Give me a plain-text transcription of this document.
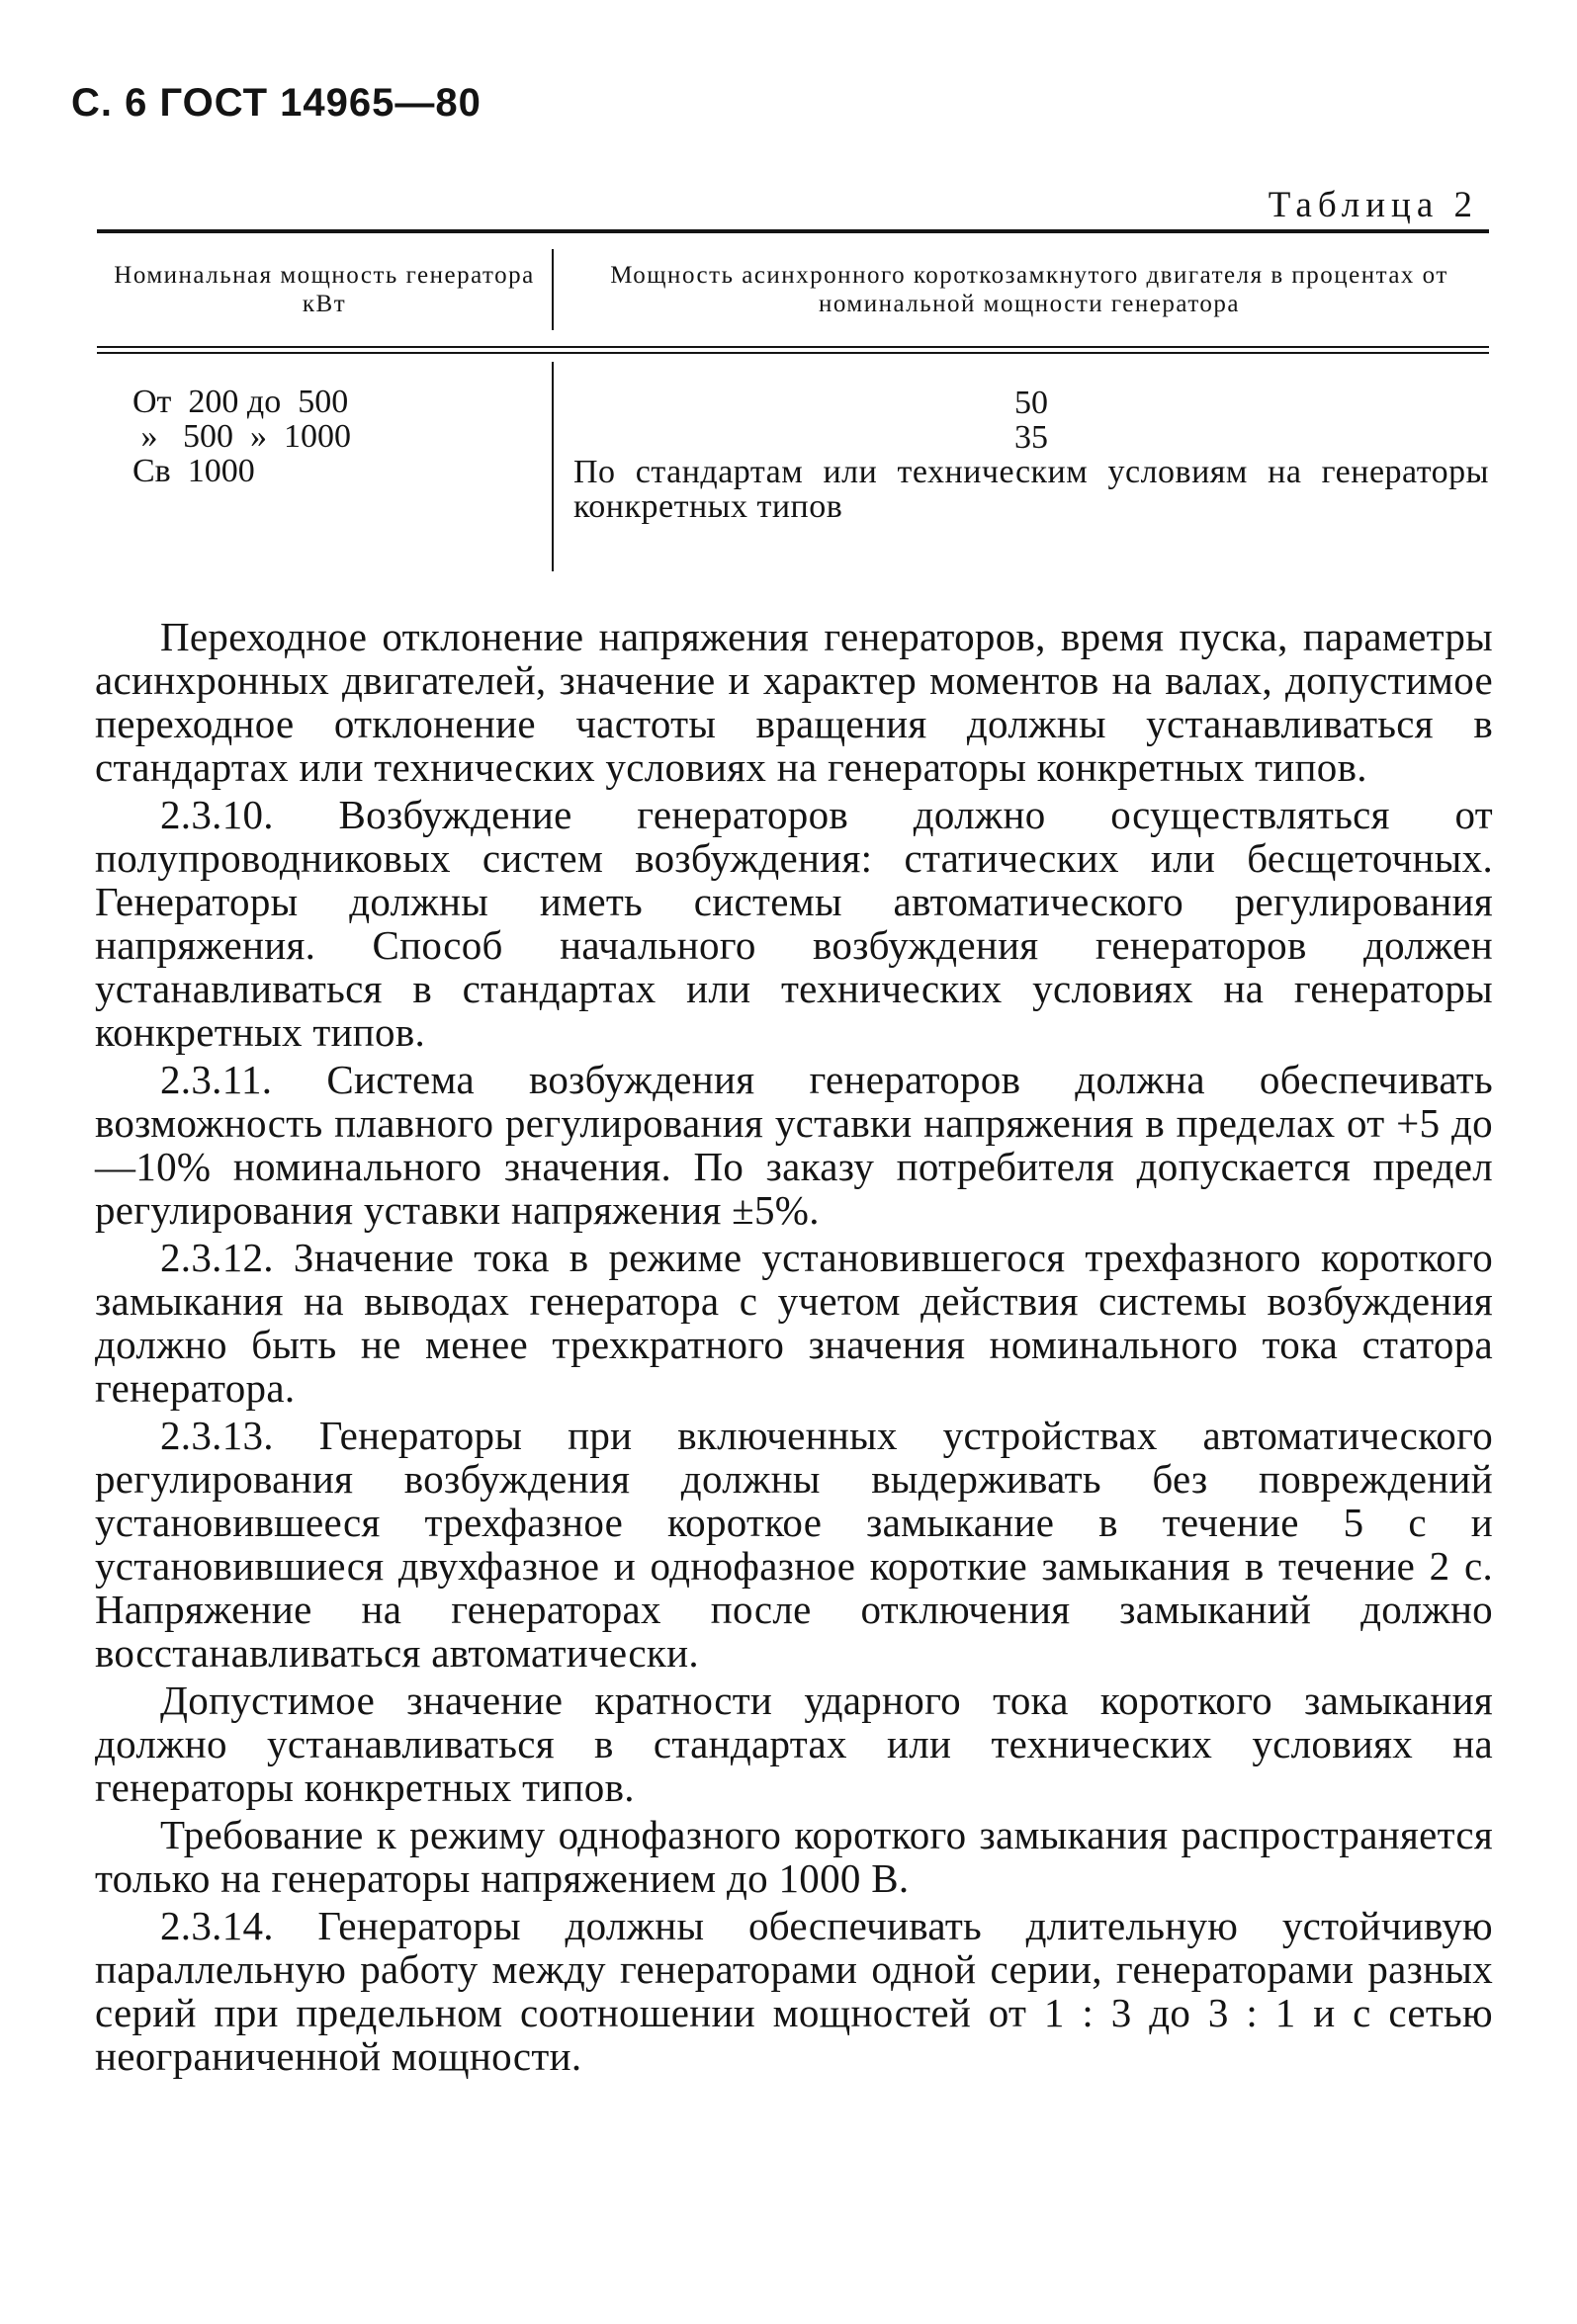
С. 6 ГОСТ 14965—80
Таблица 2
Номинальная мощность генератора кВт
Мощность асинхронного короткозамкнутого двигателя в процентах от номинальной мощности генератора
От  200 до  500
»   500  »  1000
Св  1000
50
35
По стандартам или техническим условиям на генераторы конкретных типов

Переходное отклонение напряжения генераторов, время пуска, параметры асинхронных двигателей, значение и характер моментов на валах, допустимое переходное отклонение частоты вращения должны устанавливаться в стандартах или технических условиях на генераторы конкретных типов.

2.3.10. Возбуждение генераторов должно осуществляться от полупроводниковых систем возбуждения: статических или бесщеточных. Генераторы должны иметь системы автоматического регулирования напряжения. Способ начального возбуждения генераторов должен устанавливаться в стандартах или технических условиях на генераторы конкретных типов.

2.3.11. Система возбуждения генераторов должна обеспечивать возможность плавного регулирования уставки напряжения в пределах от +5 до —10% номинального значения. По заказу потребителя допускается предел регулирования уставки напряжения ±5%.

2.3.12. Значение тока в режиме установившегося трехфазного короткого замыкания на выводах генератора с учетом действия системы возбуждения должно быть не менее трехкратного значения номинального тока статора генератора.

2.3.13. Генераторы при включенных устройствах автоматического регулирования возбуждения должны выдерживать без повреждений установившееся трехфазное короткое замыкание в течение 5 с и установившиеся двухфазное и однофазное короткие замыкания в течение 2 с. Напряжение на генераторах после отключения замыканий должно восстанавливаться автоматически.

Допустимое значение кратности ударного тока короткого замыкания должно устанавливаться в стандартах или технических условиях на генераторы конкретных типов.

Требование к режиму однофазного короткого замыкания распространяется только на генераторы напряжением до 1000 В.

2.3.14. Генераторы должны обеспечивать длительную устойчивую параллельную работу между генераторами одной серии, генераторами разных серий при предельном соотношении мощностей от 1 : 3 до 3 : 1 и с сетью неограниченной мощности.
